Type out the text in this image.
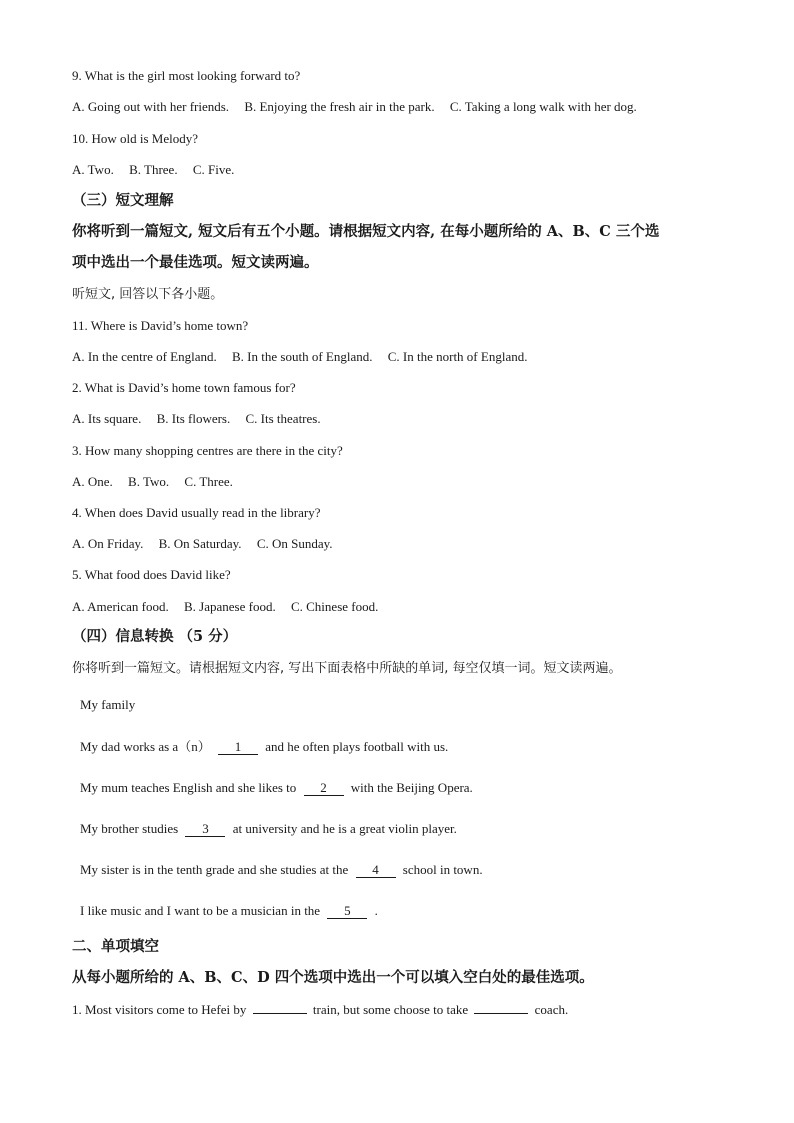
9. What is the girl most looking forward to?
A. Going out with her friends. B. Enjoying the fresh air in the park. C. Taking a long walk with her dog.
10. How old is Melody?
A. Two. B. Three. C. Five.
（三）短文理解
你将听到一篇短文, 短文后有五个小题。请根据短文内容, 在每小题所给的 A、B、C 三个选
项中选出一个最佳选项。短文读两遍。
听短文, 回答以下各小题。
11. Where is David’s home town?
A. In the centre of England. B. In the south of England. C. In the north of England.
2. What is David’s home town famous for?
A. Its square. B. Its flowers. C. Its theatres.
3. How many shopping centres are there in the city?
A. One. B. Two. C. Three.
4. When does David usually read in the library?
A. On Friday. B. On Saturday. C. On Sunday.
5. What food does David like?
A. American food. B. Japanese food. C. Chinese food.
（四）信息转换 （5 分）
你将听到一篇短文。请根据短文内容, 写出下面表格中所缺的单词, 每空仅填一词。短文读两遍。
My family
My dad works as a（n） 1 and he often plays football with us.
My mum teaches English and she likes to 2 with the Beijing Opera.
My brother studies 3 at university and he is a great violin player.
My sister is in the tenth grade and she studies at the 4 school in town.
I like music and I want to be a musician in the 5 .
二、单项填空
从每小题所给的 A、B、C、D 四个选项中选出一个可以填入空白处的最佳选项。
1. Most visitors come to Hefei by	train, but some choose to take	coach.
